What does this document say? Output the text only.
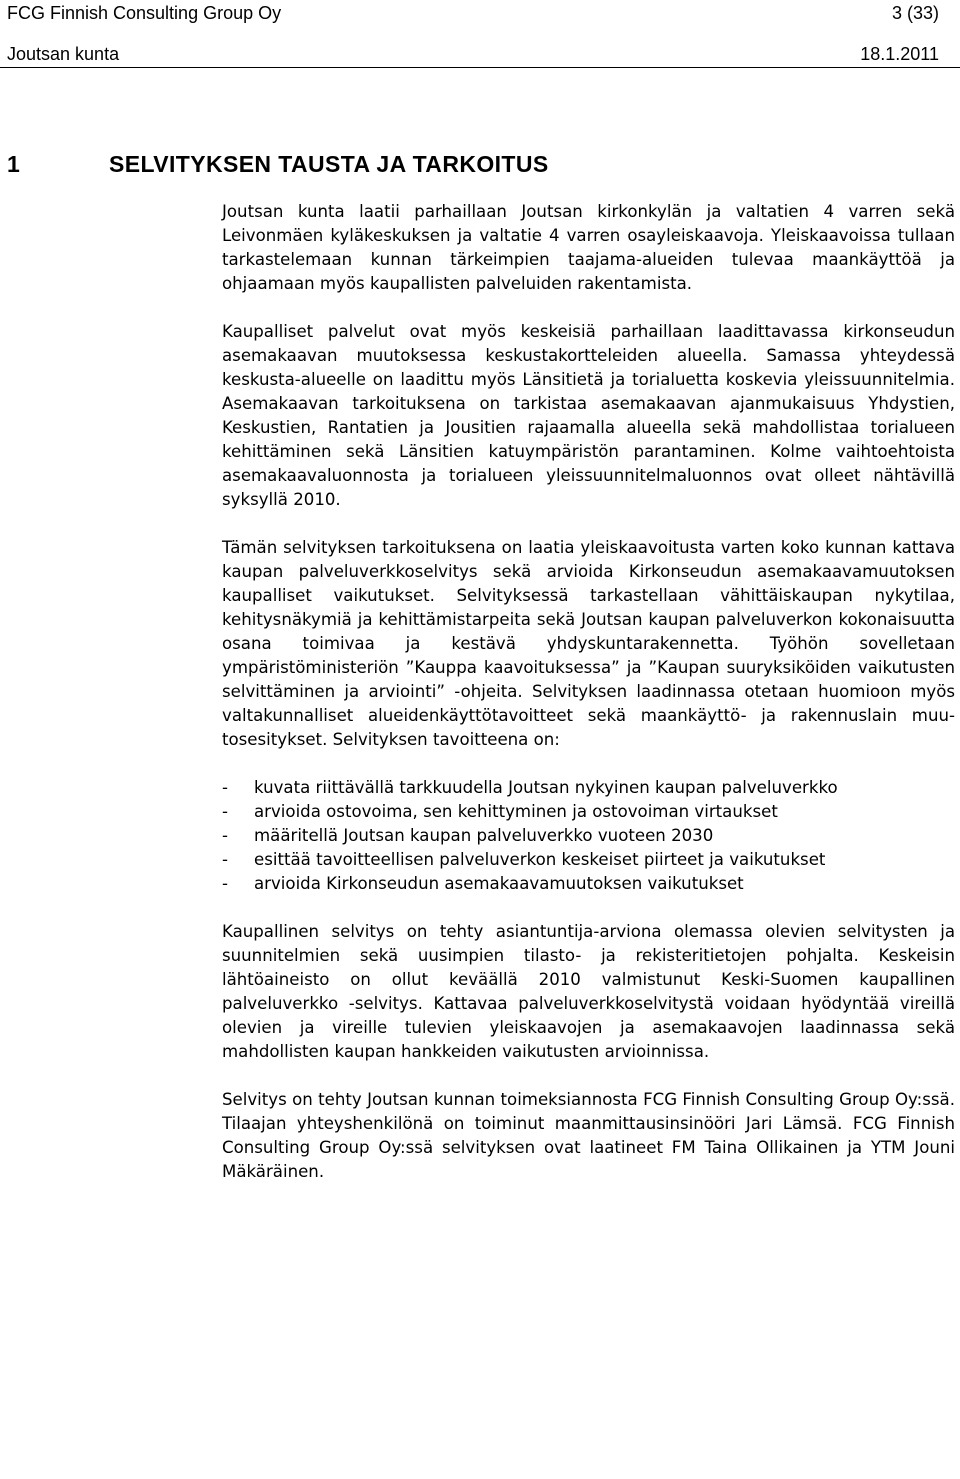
FCG Finnish Consulting Group Oy	3 (33)
Joutsan kunta	18.1.2011
1	SELVITYKSEN TAUSTA JA TARKOITUS

Joutsan kunta laatii parhaillaan Joutsan kirkonkylän ja valtatien 4 varren sekä Leivonmäen kyläkeskuksen ja valtatie 4 varren osayleiskaavoja. Yleiskaavoissa tullaan tarkastelemaan kunnan tärkeimpien taajama-alueiden tulevaa maankäyttöä ja ohjaamaan myös kaupallisten palveluiden rakentamista.

Kaupalliset palvelut ovat myös keskeisiä parhaillaan laadittavassa kirkonseudun asemakaavan muutoksessa keskustakortteleiden alueella. Samassa yhteydessä keskusta-alueelle on laadittu myös Länsitietä ja torialuetta koskevia yleissuunnitelmia. Asemakaavan tarkoituksena on tarkistaa asemakaavan ajanmukaisuus Yhdystien, Keskustien, Rantatien ja Jousitien rajaamalla alueella sekä mahdollistaa torialueen kehittäminen sekä Länsitien katuympäristön parantaminen. Kolme vaihtoehtoista asemakaavaluonnosta ja torialueen yleissuunnitelmaluonnos ovat olleet nähtävillä syksyllä 2010.

Tämän selvityksen tarkoituksena on laatia yleiskaavoitusta varten koko kunnan kattava kaupan palveluverkkoselvitys sekä arvioida Kirkonseudun asemakaavamuutoksen kaupalliset vaikutukset. Selvityksessä tarkastellaan vähittäiskaupan nykytilaa, kehitysnäkymiä ja kehittämistarpeita sekä Joutsan kaupan palveluverkon kokonaisuutta osana toimivaa ja kestävä yhdyskuntarakennetta. Työhön sovelletaan ympäristöministeriön ”Kauppa kaavoituksessa” ja ”Kaupan suuryksiköiden vaikutusten selvittäminen ja arviointi” -ohjeita. Selvityksen laadinnassa otetaan huomioon myös valtakunnalliset alueidenkäyttötavoitteet sekä maankäyttö- ja rakennuslain muutosesitykset. Selvityksen tavoitteena on:

-	kuvata riittävällä tarkkuudella Joutsan nykyinen kaupan palveluverkko
-	arvioida ostovoima, sen kehittyminen ja ostovoiman virtaukset
-	määritellä Joutsan kaupan palveluverkko vuoteen 2030
-	esittää tavoitteellisen palveluverkon keskeiset piirteet ja vaikutukset
-	arvioida Kirkonseudun asemakaavamuutoksen vaikutukset

Kaupallinen selvitys on tehty asiantuntija-arviona olemassa olevien selvitysten ja suunnitelmien sekä uusimpien tilasto- ja rekisteritietojen pohjalta. Keskeisin lähtöaineisto on ollut keväällä 2010 valmistunut Keski-Suomen kaupallinen palveluverkko -selvitys. Kattavaa palveluverkkoselvitystä voidaan hyödyntää vireillä olevien ja vireille tulevien yleiskaavojen ja asemakaavojen laadinnassa sekä mahdollisten kaupan hankkeiden vaikutusten arvioinnissa.

Selvitys on tehty Joutsan kunnan toimeksiannosta FCG Finnish Consulting Group Oy:ssä. Tilaajan yhteyshenkilönä on toiminut maanmittausinsinööri Jari Lämsä. FCG Finnish Consulting Group Oy:ssä selvityksen ovat laatineet FM Taina Ollikainen ja YTM Jouni Mäkäräinen.
